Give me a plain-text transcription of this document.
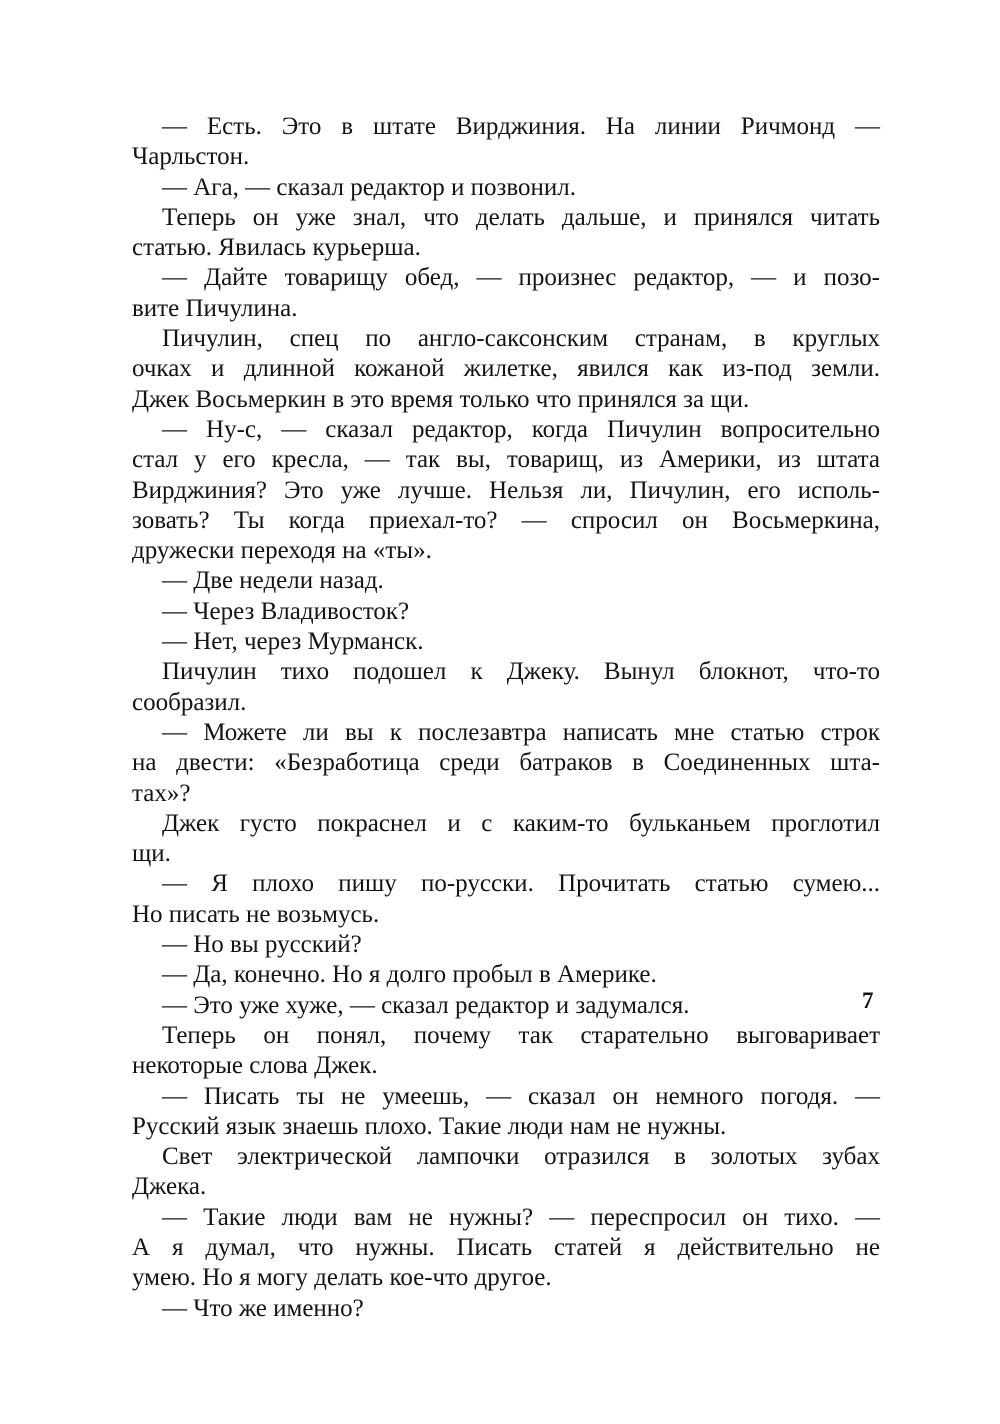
— Есть. Это в штате Вирджиния. На линии Ричмонд —
Чарльстон.
— Ага, — сказал редактор и позвонил.
Теперь он уже знал, что делать дальше, и принялся читать
статью. Явилась курьерша.
— Дайте товарищу обед, — произнес редактор, — и позо-
вите Пичулина.
Пичулин, спец по англо-саксонским странам, в круглых
очках и длинной кожаной жилетке, явился как из-под земли.
Джек Восьмеркин в это время только что принялся за щи.
— Ну-с, — сказал редактор, когда Пичулин вопросительно
стал у его кресла, — так вы, товарищ, из Америки, из штата
Вирджиния? Это уже лучше. Нельзя ли, Пичулин, его исполь-
зовать? Ты когда приехал-то? — спросил он Восьмеркина,
дружески переходя на «ты».
— Две недели назад.
— Через Владивосток?
— Нет, через Мурманск.
Пичулин тихо подошел к Джеку. Вынул блокнот, что-то
сообразил.
— Можете ли вы к послезавтра написать мне статью строк
на двести: «Безработица среди батраков в Соединенных шта-
тах»?
Джек густо покраснел и с каким-то бульканьем проглотил
щи.
— Я плохо пишу по-русски. Прочитать статью сумею...
Но писать не возьмусь.
— Но вы русский?
— Да, конечно. Но я долго пробыл в Америке.
— Это уже хуже, — сказал редактор и задумался.
Теперь он понял, почему так старательно выговаривает
некоторые слова Джек.
— Писать ты не умеешь, — сказал он немного погодя. —
Русский язык знаешь плохо. Такие люди нам не нужны.
Свет электрической лампочки отразился в золотых зубах
Джека.
— Такие люди вам не нужны? — переспросил он тихо. —
А я думал, что нужны. Писать статей я действительно не
умею. Но я могу делать кое-что другое.
— Что же именно?
7
